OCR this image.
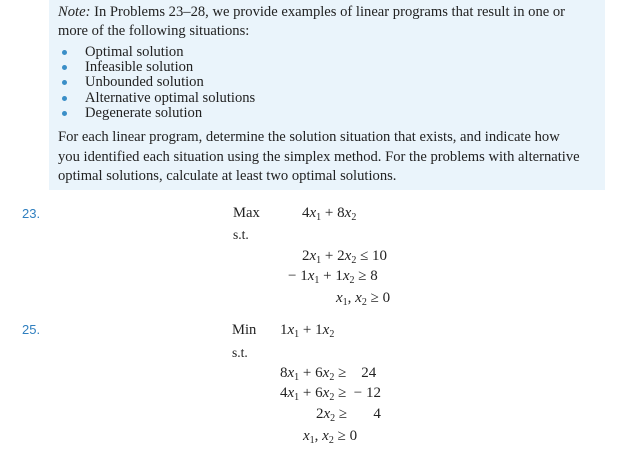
Note: In Problems 23–28, we provide examples of linear programs that result in one or
more of the following situations:
Optimal solution
Infeasible solution
Unbounded solution
Alternative optimal solutions
Degenerate solution
For each linear program, determine the solution situation that exists, and indicate how
you identified each situation using the simplex method. For the problems with alternative
optimal solutions, calculate at least two optimal solutions.
23.	Max	$4x_1 + 8x_2$
s.t.
$2x_1 + 2x_2 \le 10$
− $1x_1 + 1x_2 \ge 8$
$x_1$, $x_2 \ge 0$
25.	Min $1x_1 + 1x_2$
s.t.
$8x_1 + 6x_2$ ≥    24
$4x_1 + 6x_2$ ≥  − 12
$2x_2$ ≥       4
$x_1$, $x_2 \ge 0$
